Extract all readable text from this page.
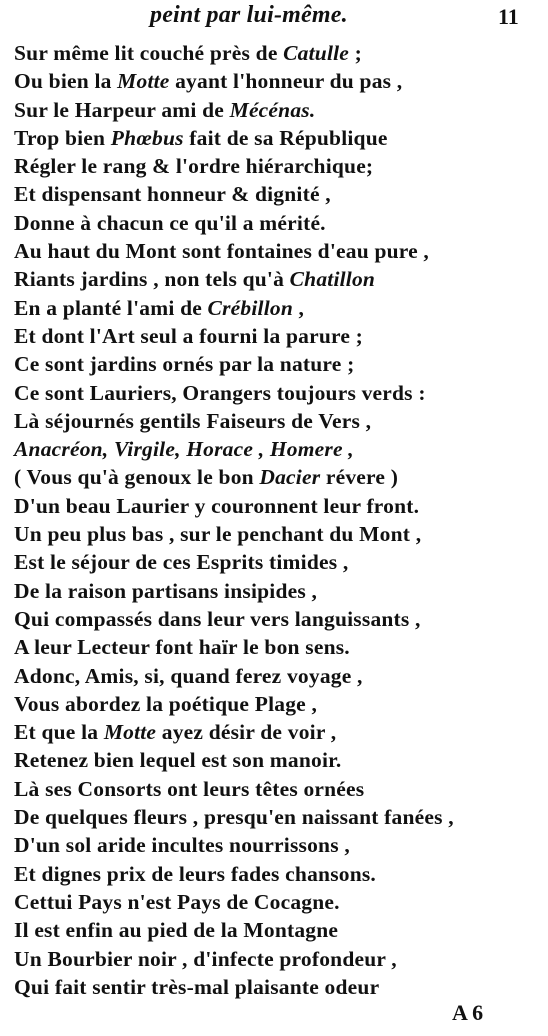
peint par lui-même.	11
Sur même lit couché près de Catulle ;
Ou bien la Motte ayant l'honneur du pas ,
Sur le Harpeur ami de Mécénas.
Trop bien Phœbus fait de sa République
Régler le rang & l'ordre hiérarchique;
Et dispensant honneur & dignité ,
Donne à chacun ce qu'il a mérité.
Au haut du Mont sont fontaines d'eau pure ,
Riants jardins , non tels qu'à Chatillon
En a planté l'ami de Crébillon ,
Et dont l'Art seul a fourni la parure ;
Ce sont jardins ornés par la nature ;
Ce sont Lauriers, Orangers toujours verds :
Là séjournés gentils Faiseurs de Vers ,
Anacréon, Virgile, Horace , Homere ,
( Vous qu'à genoux le bon Dacier révere )
D'un beau Laurier y couronnent leur front.
Un peu plus bas , sur le penchant du Mont ,
Est le séjour de ces Esprits timides ,
De la raison partisans insipides ,
Qui compassés dans leur vers languissants ,
A leur Lecteur font haïr le bon sens.
Adonc, Amis, si, quand ferez voyage ,
Vous abordez la poétique Plage ,
Et que la Motte ayez désir de voir ,
Retenez bien lequel est son manoir.
Là ses Consorts ont leurs têtes ornées
De quelques fleurs , presqu'en naissant fanées ,
D'un sol aride incultes nourrissons ,
Et dignes prix de leurs fades chansons.
Cettui Pays n'est Pays de Cocagne.
Il est enfin au pied de la Montagne
Un Bourbier noir , d'infecte profondeur ,
Qui fait sentir très-mal plaisante odeur
A 6
